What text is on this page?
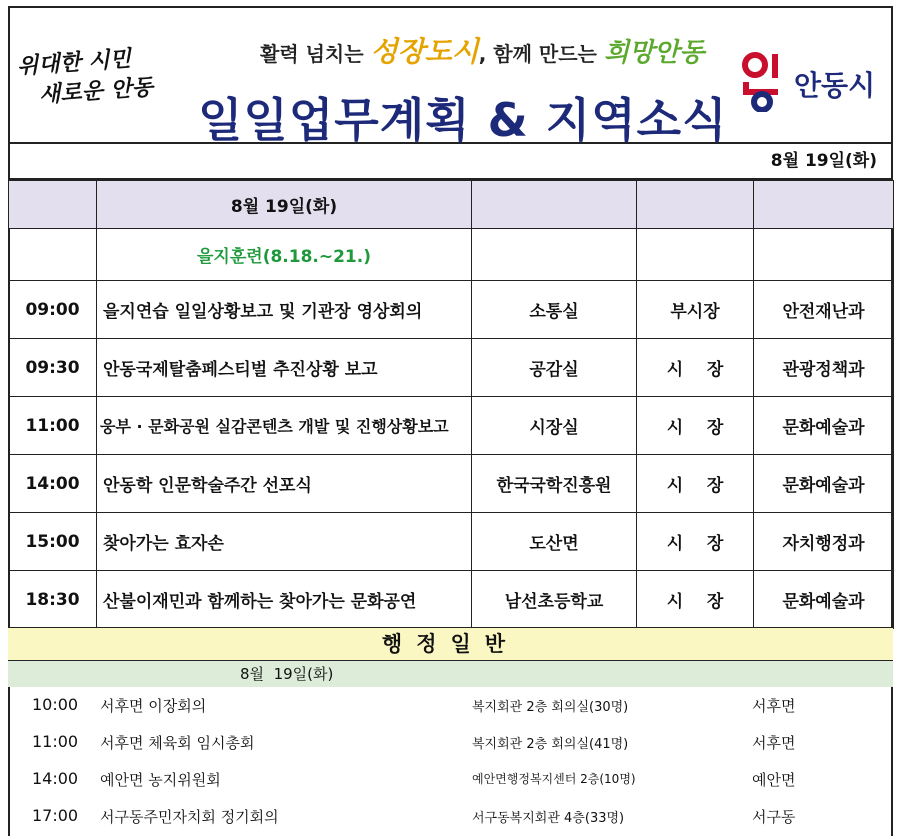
위대한 시민
새로운 안동
활력 넘치는 성장도시, 함께 만드는 희망안동
일일업무계획 & 지역소식
안동시
8월 19일(화)
	8월 19일(화)			
	을지훈련(8.18.~21.)			
09:00	을지연습 일일상황보고 및 기관장 영상회의	소통실	부시장	안전재난과
09:30	안동국제탈춤페스티벌 추진상황 보고	공감실	시    장	관광정책과
11:00	웅부 · 문화공원 실감콘텐츠 개발 및 진행상황보고	시장실	시    장	문화예술과
14:00	안동학 인문학술주간 선포식	한국국학진흥원	시    장	문화예술과
15:00	찾아가는 효자손	도산면	시    장	자치행정과
18:30	산불이재민과 함께하는 찾아가는 문화공연	남선초등학교	시    장	문화예술과
행정일반
8월  19일(화)
10:00 서후면 이장회의	복지회관 2층 회의실(30명)	서후면
11:00 서후면 체육회 임시총회	복지회관 2층 회의실(41명)	서후면
14:00 예안면 농지위원회	예안면행정복지센터 2층(10명)	예안면
17:00 서구동주민자치회 정기회의	서구동복지회관 4층(33명)	서구동
